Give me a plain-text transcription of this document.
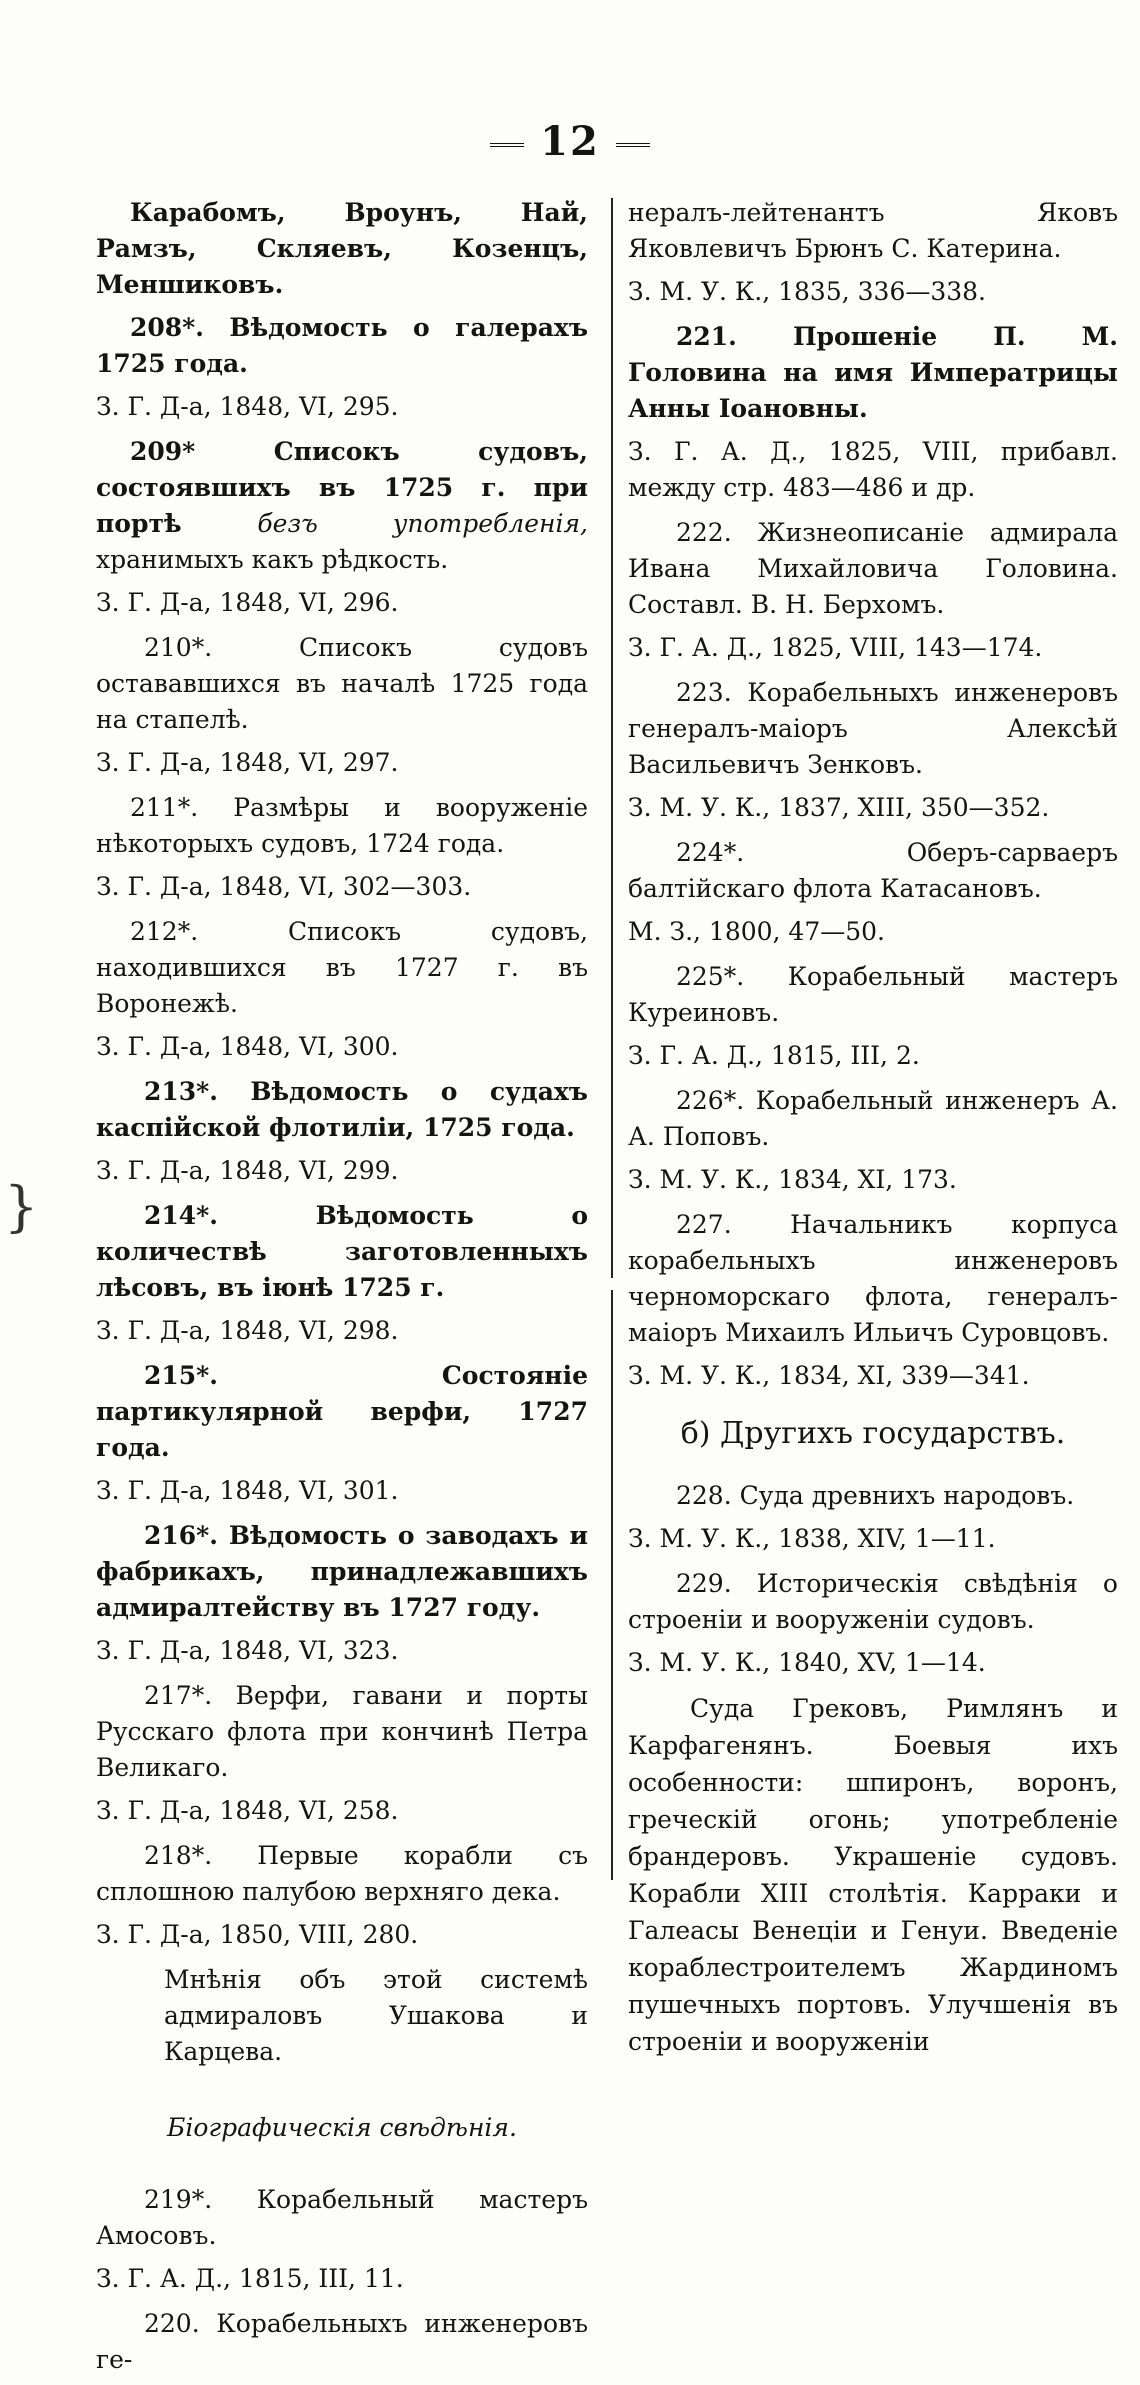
12
}

Карабомъ, Вроунъ, Най, Рамзъ, Скляевъ, Козенцъ, Меншиковъ.

208*. Вѣдомость о галерахъ 1725 года.

З. Г. Д-а, 1848, VI, 295.

209* Списокъ судовъ, состоявшихъ въ 1725 г. при портѣ безъ употребленія, хранимыхъ какъ рѣдкость.

З. Г. Д-а, 1848, VI, 296.

210*. Списокъ судовъ остававшихся въ началѣ 1725 года на стапелѣ.

З. Г. Д-а, 1848, VI, 297.

211*. Размѣры и вооруженіе нѣкоторыхъ судовъ, 1724 года.

З. Г. Д-а, 1848, VI, 302—303.

212*. Списокъ судовъ, находившихся въ 1727 г. въ Воронежѣ.

З. Г. Д-а, 1848, VI, 300.

213*. Вѣдомость о судахъ каспійской флотиліи, 1725 года.

З. Г. Д-а, 1848, VI, 299.

214*. Вѣдомость о количествѣ заготовленныхъ лѣсовъ, въ іюнѣ 1725 г.

З. Г. Д-а, 1848, VI, 298.

215*. Состояніе партикулярной верфи, 1727 года.

З. Г. Д-а, 1848, VI, 301.

216*. Вѣдомость о заводахъ и фабрикахъ, принадлежавшихъ адмиралтейству въ 1727 году.

З. Г. Д-а, 1848, VI, 323.

217*. Верфи, гавани и порты Русскаго флота при кончинѣ Петра Великаго.

З. Г. Д-а, 1848, VI, 258.

218*. Первые корабли съ сплошною палубою верхняго дека.

З. Г. Д-а, 1850, VIII, 280.

Мнѣнія объ этой системѣ адмираловъ Ушакова и Карцева.

Біографическія свѣдѣнія.

219*. Корабельный мастеръ Амосовъ.

З. Г. А. Д., 1815, III, 11.

220. Корабельныхъ инженеровъ ге-

нералъ-лейтенантъ Яковъ Яковлевичъ Брюнъ С. Катерина.

З. М. У. К., 1835, 336—338.

221. Прошеніе П. М. Головина на имя Императрицы Анны Іоановны.

З. Г. А. Д., 1825, VIII, прибавл. между стр. 483—486 и др.

222. Жизнеописаніе адмирала Ивана Михайловича Головина. Составл. В. Н. Берхомъ.

З. Г. А. Д., 1825, VIII, 143—174.

223. Корабельныхъ инженеровъ генералъ-маіоръ Алексѣй Васильевичъ Зенковъ.

З. М. У. К., 1837, XIII, 350—352.

224*. Оберъ-сарваеръ балтійскаго флота Катасановъ.

М. З., 1800, 47—50.

225*. Корабельный мастеръ Куреиновъ.

З. Г. А. Д., 1815, III, 2.

226*. Корабельный инженеръ А. А. Поповъ.

З. М. У. К., 1834, XI, 173.

227. Начальникъ корпуса корабельныхъ инженеровъ черноморскаго флота, генералъ-маіоръ Михаилъ Ильичъ Суровцовъ.

З. М. У. К., 1834, XI, 339—341.

б) Другихъ государствъ.

228. Суда древнихъ народовъ.

З. М. У. К., 1838, XIV, 1—11.

229. Историческія свѣдѣнія о строеніи и вооруженіи судовъ.

З. М. У. К., 1840, XV, 1—14.

Суда Грековъ, Римлянъ и Карфагенянъ. Боевыя ихъ особенности: шпиронъ, воронъ, греческій огонь; употребленіе брандеровъ. Украшеніе судовъ. Корабли XIII столѣтія. Карраки и Галеасы Венеціи и Генуи. Введеніе кораблестроителемъ Жардиномъ пушечныхъ портовъ. Улучшенія въ строеніи и вооруженіи
